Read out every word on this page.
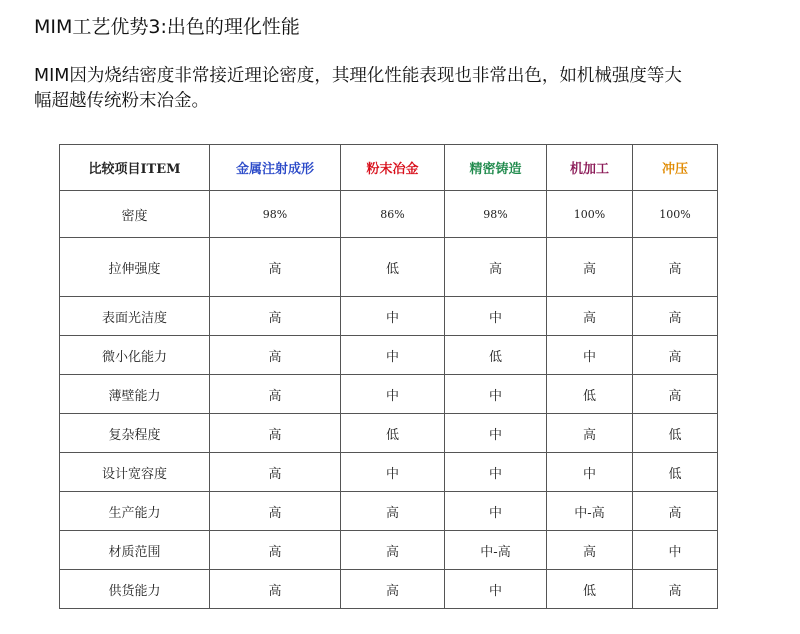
MIM工艺优势3:出色的理化性能
MIM因为烧结密度非常接近理论密度，其理化性能表现也非常出色，如机械强度等大
幅超越传统粉末冶金。
比较项目ITEM	金属注射成形	粉末冶金	精密铸造	机加工	冲压
密度	98%	86%	98%	100%	100%
拉伸强度	高	低	高	高	高
表面光洁度	高	中	中	高	高
微小化能力	高	中	低	中	高
薄壁能力	高	中	中	低	高
复杂程度	高	低	中	高	低
设计宽容度	高	中	中	中	低
生产能力	高	高	中	中-高	高
材质范围	高	高	中-高	高	中
供货能力	高	高	中	低	高
